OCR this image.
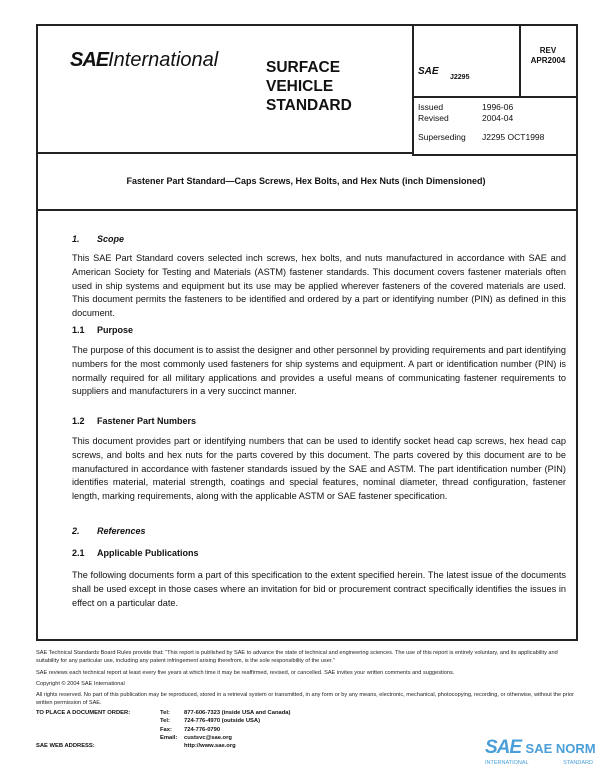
SAEInternational	SURFACE
VEHICLE
STANDARD
SAE
J2295
REV
APR2004
Issued	1996-06
Revised	2004-04
Superseding J2295 OCT1998
Fastener Part Standard—Caps Screws, Hex Bolts, and Hex Nuts (inch Dimensioned)
1. Scope
This SAE Part Standard covers selected inch screws, hex bolts, and nuts manufactured in accordance with SAE and American Society for Testing and Materials (ASTM) fastener standards. This document covers fastener materials often used in ship systems and equipment but its use may be applied wherever fasteners of the covered materials are used. This document permits the fasteners to be identified and ordered by a part or identifying number (PIN) as defined in this document.
1.1 Purpose
The purpose of this document is to assist the designer and other personnel by providing requirements and part identifying numbers for the most commonly used fasteners for ship systems and equipment. A part or identification number (PIN) is normally required for all military applications and provides a useful means of communicating fastener requirements to suppliers and manufacturers in a very succinct manner.
1.2 Fastener Part Numbers
This document provides part or identifying numbers that can be used to identify socket head cap screws, hex head cap screws, and bolts and hex nuts for the parts covered by this document. The parts covered by this document are to be manufactured in accordance with fastener standards issued by the SAE and ASTM. The part identification number (PIN) identifies material, material strength, coatings and special features, nominal diameter, thread configuration, fastener length, marking requirements, along with the applicable ASTM or SAE fastener specification.
2. References
2.1 Applicable Publications
The following documents form a part of this specification to the extent specified herein. The latest issue of the documents shall be used except in those cases where an invitation for bid or procurement contract specifically identifies the issues in effect on a particular date.
SAE Technical Standards Board Rules provide that: “This report is published by SAE to advance the state of technical and engineering sciences. The use of this report is entirely voluntary, and its applicability and suitability for any particular use, including any patent infringement arising therefrom, is the sole responsibility of the user.”
SAE reviews each technical report at least every five years at which time it may be reaffirmed, revised, or cancelled. SAE invites your written comments and suggestions.
Copyright © 2004 SAE International
All rights reserved. No part of this publication may be reproduced, stored in a retrieval system or transmitted, in any form or by any means, electronic, mechanical, photocopying, recording, or otherwise, without the prior written permission of SAE.
TO PLACE A DOCUMENT ORDER:
SAE WEB ADDRESS:
Tel: 877-606-7323 (inside USA and Canada)
Tel: 724-776-4970 (outside USA)
Fax: 724-776-0790
Email: custsvc@sae.org
http://www.sae.org	SAE SAE NORM
INTERNATIONAL	STANDARD
